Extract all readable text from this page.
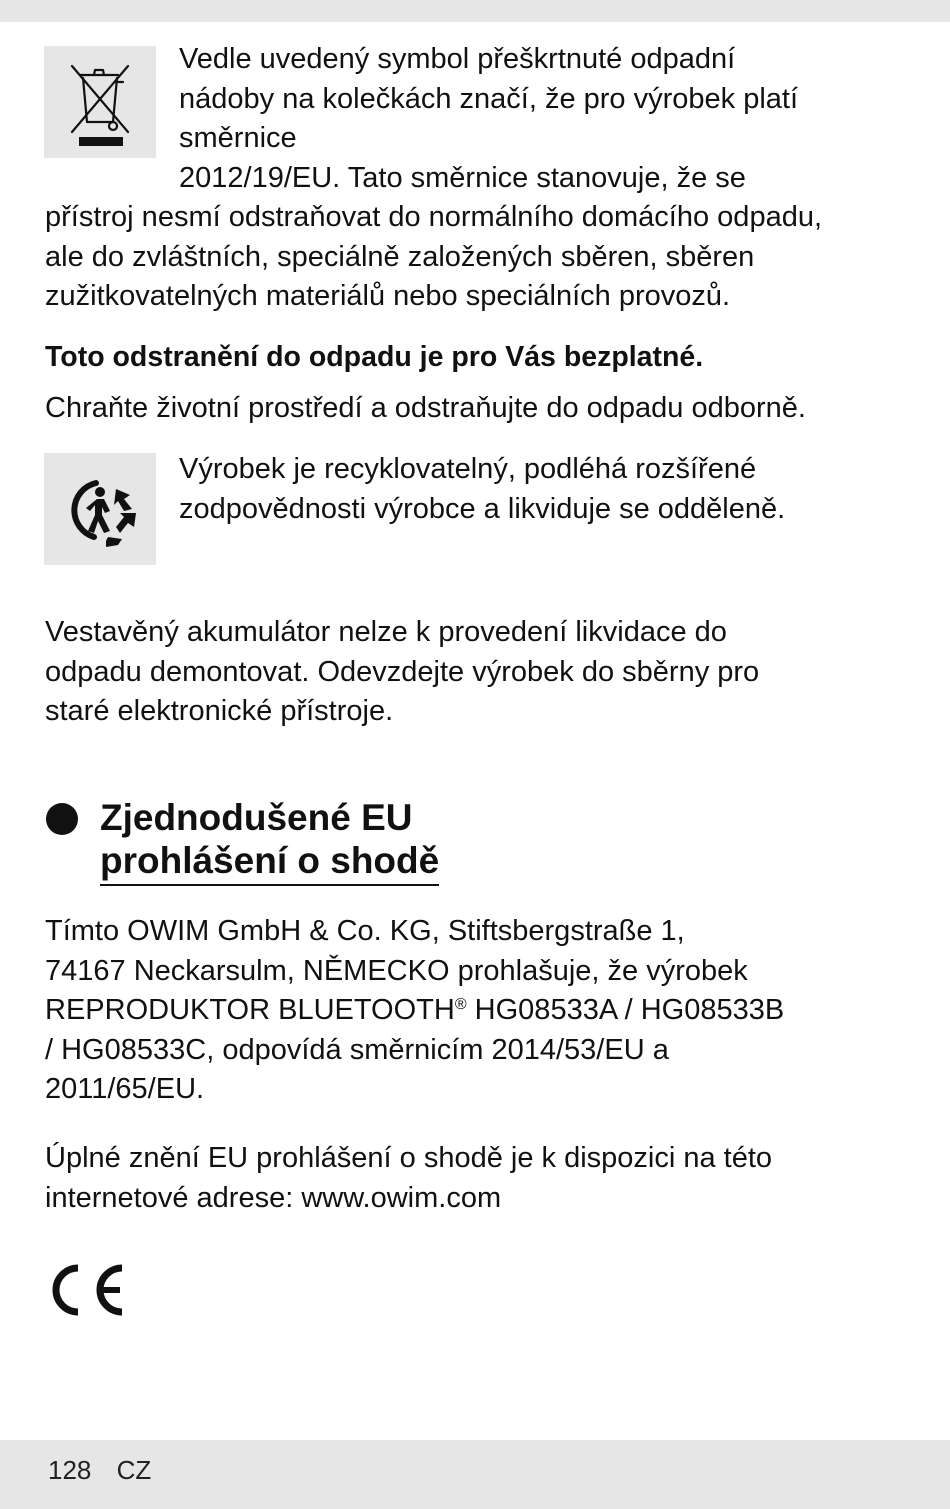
Vedle uvedený symbol přeškrtnuté odpadní
nádoby na kolečkách značí, že pro výrobek platí
směrnice
2012/19/EU. Tato směrnice stanovuje, že se
přístroj nesmí odstraňovat do normálního domácího odpadu,
ale do zvláštních, speciálně založených sběren, sběren
zužitkovatelných materiálů nebo speciálních provozů.
Toto odstranění do odpadu je pro Vás bezplatné.
Chraňte životní prostředí a odstraňujte do odpadu odborně.
Výrobek je recyklovatelný, podléhá rozšířené
zodpovědnosti výrobce a likviduje se odděleně.
Vestavěný akumulátor nelze k provedení likvidace do
odpadu demontovat. Odevzdejte výrobek do sběrny pro
staré elektronické přístroje.
Zjednodušené EU
prohlášení o shodě
Tímto OWIM GmbH & Co. KG, Stiftsbergstraße 1,
74167 Neckarsulm, NĚMECKO prohlašuje, že výrobek
REPRODUKTOR BLUETOOTH® HG08533A / HG08533B
/ HG08533C, odpovídá směrnicím 2014/53/EU a
2011/65/EU.
Úplné znění EU prohlášení o shodě je k dispozici na této
internetové adrese: www.owim.com
128 CZ
